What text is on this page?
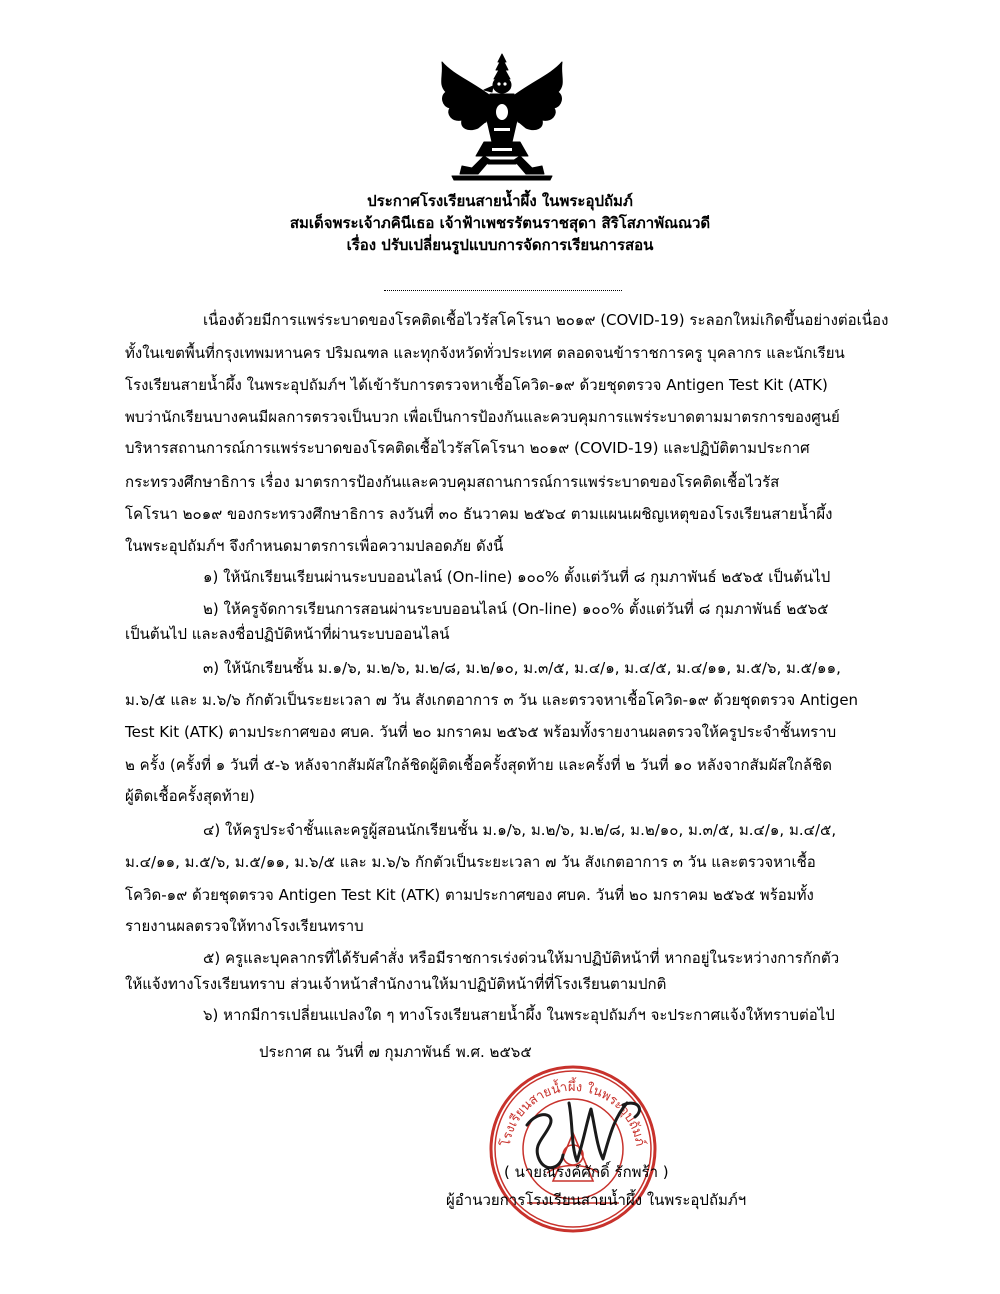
ประกาศโรงเรียนสายน้ำผึ้ง ในพระอุปถัมภ์
สมเด็จพระเจ้าภคินีเธอ เจ้าฟ้าเพชรรัตนราชสุดา สิริโสภาพัณณวดี
เรื่อง ปรับเปลี่ยนรูปแบบการจัดการเรียนการสอน
เนื่องด้วยมีการแพร่ระบาดของโรคติดเชื้อไวรัสโคโรนา ๒๐๑๙ (COVID-19) ระลอกใหม่เกิดขึ้นอย่างต่อเนื่อง
ทั้งในเขตพื้นที่กรุงเทพมหานคร ปริมณฑล และทุกจังหวัดทั่วประเทศ ตลอดจนข้าราชการครู บุคลากร และนักเรียน
โรงเรียนสายน้ำผึ้ง ในพระอุปถัมภ์ฯ ได้เข้ารับการตรวจหาเชื้อโควิด-๑๙ ด้วยชุดตรวจ Antigen Test Kit (ATK)
พบว่านักเรียนบางคนมีผลการตรวจเป็นบวก เพื่อเป็นการป้องกันและควบคุมการแพร่ระบาดตามมาตรการของศูนย์
บริหารสถานการณ์การแพร่ระบาดของโรคติดเชื้อไวรัสโคโรนา ๒๐๑๙ (COVID-19) และปฏิบัติตามประกาศ
กระทรวงศึกษาธิการ เรื่อง มาตรการป้องกันและควบคุมสถานการณ์การแพร่ระบาดของโรคติดเชื้อไวรัส
โคโรนา ๒๐๑๙ ของกระทรวงศึกษาธิการ ลงวันที่ ๓๐ ธันวาคม ๒๕๖๔ ตามแผนเผชิญเหตุของโรงเรียนสายน้ำผึ้ง
ในพระอุปถัมภ์ฯ จึงกำหนดมาตรการเพื่อความปลอดภัย ดังนี้
๑) ให้นักเรียนเรียนผ่านระบบออนไลน์ (On-line) ๑๐๐% ตั้งแต่วันที่ ๘ กุมภาพันธ์ ๒๕๖๕ เป็นต้นไป
๒) ให้ครูจัดการเรียนการสอนผ่านระบบออนไลน์ (On-line) ๑๐๐% ตั้งแต่วันที่ ๘ กุมภาพันธ์ ๒๕๖๕
เป็นต้นไป และลงชื่อปฏิบัติหน้าที่ผ่านระบบออนไลน์
๓) ให้นักเรียนชั้น ม.๑/๖, ม.๒/๖, ม.๒/๘, ม.๒/๑๐, ม.๓/๕, ม.๔/๑, ม.๔/๕, ม.๔/๑๑, ม.๕/๖, ม.๕/๑๑,
ม.๖/๕ และ ม.๖/๖ กักตัวเป็นระยะเวลา ๗ วัน สังเกตอาการ ๓ วัน และตรวจหาเชื้อโควิด-๑๙ ด้วยชุดตรวจ Antigen
Test Kit (ATK) ตามประกาศของ ศบค. วันที่ ๒๐ มกราคม ๒๕๖๕ พร้อมทั้งรายงานผลตรวจให้ครูประจำชั้นทราบ
๒ ครั้ง (ครั้งที่ ๑ วันที่ ๕-๖ หลังจากสัมผัสใกล้ชิดผู้ติดเชื้อครั้งสุดท้าย และครั้งที่ ๒ วันที่ ๑๐ หลังจากสัมผัสใกล้ชิด
ผู้ติดเชื้อครั้งสุดท้าย)
๔) ให้ครูประจำชั้นและครูผู้สอนนักเรียนชั้น ม.๑/๖, ม.๒/๖, ม.๒/๘, ม.๒/๑๐, ม.๓/๕, ม.๔/๑, ม.๔/๕,
ม.๔/๑๑, ม.๕/๖, ม.๕/๑๑, ม.๖/๕ และ ม.๖/๖ กักตัวเป็นระยะเวลา ๗ วัน สังเกตอาการ ๓ วัน และตรวจหาเชื้อ
โควิด-๑๙ ด้วยชุดตรวจ Antigen Test Kit (ATK) ตามประกาศของ ศบค. วันที่ ๒๐ มกราคม ๒๕๖๕ พร้อมทั้ง
รายงานผลตรวจให้ทางโรงเรียนทราบ
๕) ครูและบุคลากรที่ได้รับคำสั่ง หรือมีราชการเร่งด่วนให้มาปฏิบัติหน้าที่ หากอยู่ในระหว่างการกักตัว
ให้แจ้งทางโรงเรียนทราบ ส่วนเจ้าหน้าสำนักงานให้มาปฏิบัติหน้าที่ที่โรงเรียนตามปกติ
๖) หากมีการเปลี่ยนแปลงใด ๆ ทางโรงเรียนสายน้ำผึ้ง ในพระอุปถัมภ์ฯ จะประกาศแจ้งให้ทราบต่อไป
ประกาศ ณ วันที่ ๗ กุมภาพันธ์ พ.ศ. ๒๕๖๕
โรงเรียนสายน้ำผึ้ง ในพระอุปถัมภ์
( นายณรงค์ศักดิ์ รักพร้า )
ผู้อำนวยการโรงเรียนสายน้ำผึ้ง ในพระอุปถัมภ์ฯ
